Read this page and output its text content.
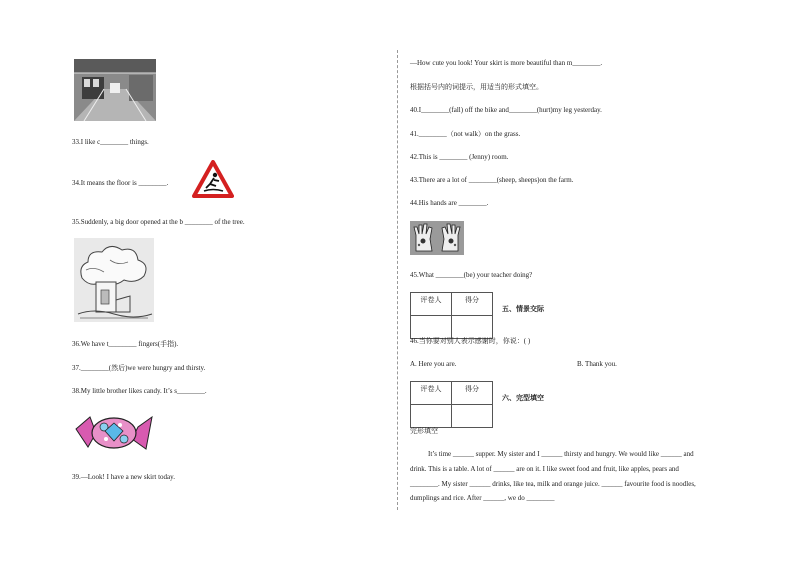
33.I like c________ things.
34.It means the floor is ________.
35.Suddenly, a big door opened at the b ________ of the tree.
36.We have t________ fingers(手指).
37.________(然后)we were hungry and thirsty.
38.My little brother likes candy. It’s s________.
39.—Look! I have a new skirt today.
—How cute you look! Your skirt is more beautiful than m________.
根据括号内的词提示，用适当的形式填空。
40.I________(fall) off the bike and________(hurt)my leg yesterday.
41.________（not walk）on the grass.
42.This is ________ (Jenny) room.
43.There are a lot of ________(sheep, sheeps)on the farm.
44.His hands are ________.
45.What ________(be) your teacher doing?
评卷人	得分

五、情景交际
46.当你要对别人表示感谢时，你说：( )
A. Here you are.	B. Thank you.
评卷人	得分

六、完型填空
完形填空
It’s time ______ supper. My sister and I ______ thirsty and hungry. We would like ______ and drink. This is a table. A lot of ______ are on it. I like sweet food and fruit, like apples, pears and ________. My sister ______ drinks, like tea, milk and orange juice. ______ favourite food is noodles, dumplings and rice. After ______, we do ________
